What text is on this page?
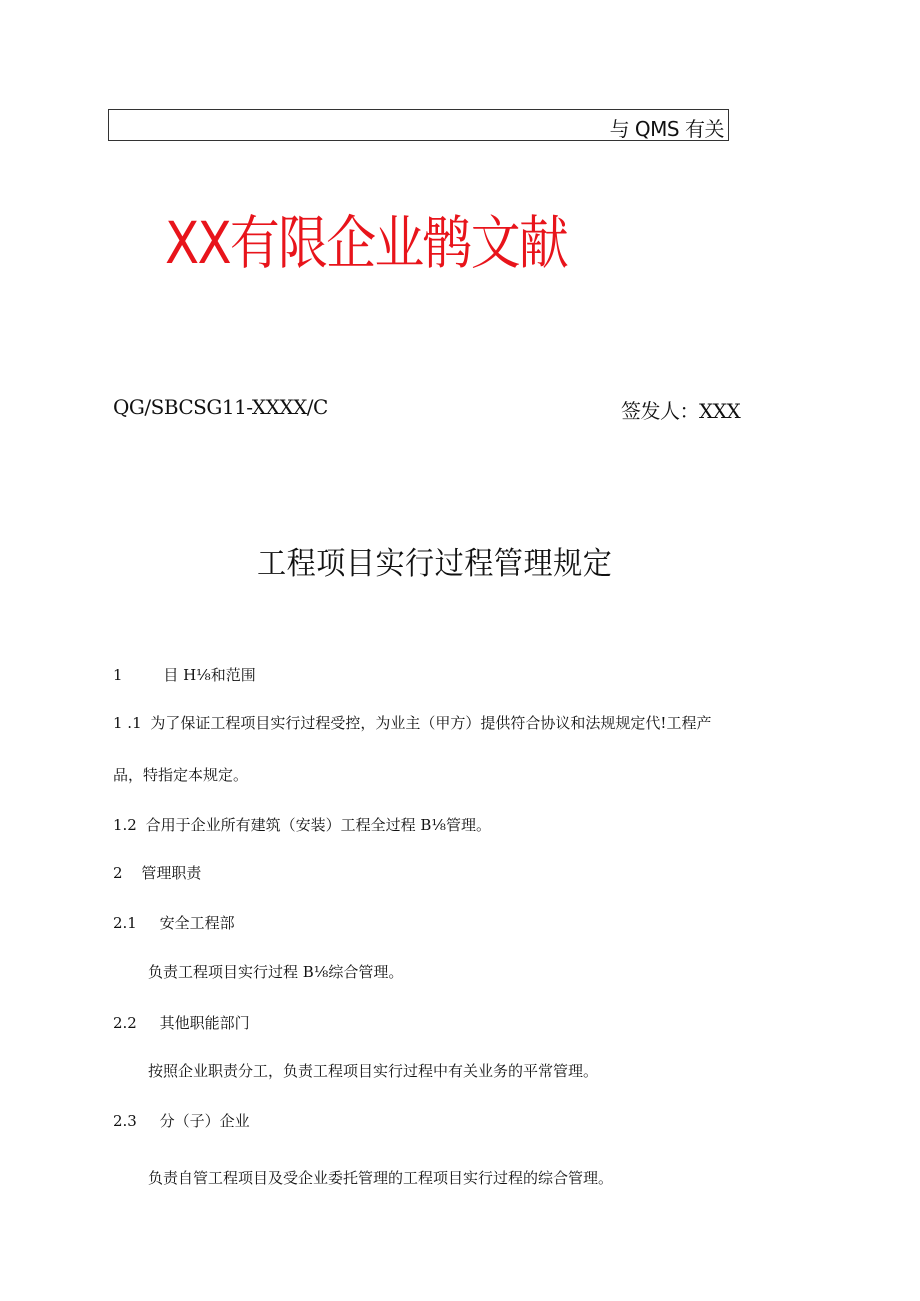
与 QMS 有关
XX有限企业鹘文献
QG/SBCSG11-XXXX/C	签发人：XXX
工程项目实行过程管理规定
1	目 H⅛和范围
1 .1 为了保证工程项目实行过程受控，为业主（甲方）提供符合协议和法规规定代!工程产
品，特指定本规定。
1.2 合用于企业所有建筑（安装）工程全过程 B⅛管理。
2 管理职责
2.1 安全工程部
负责工程项目实行过程 B⅛综合管理。
2.2 其他职能部门
按照企业职责分工，负责工程项目实行过程中有关业务的平常管理。
2.3 分（子）企业
负责自管工程项目及受企业委托管理的工程项目实行过程的综合管理。
